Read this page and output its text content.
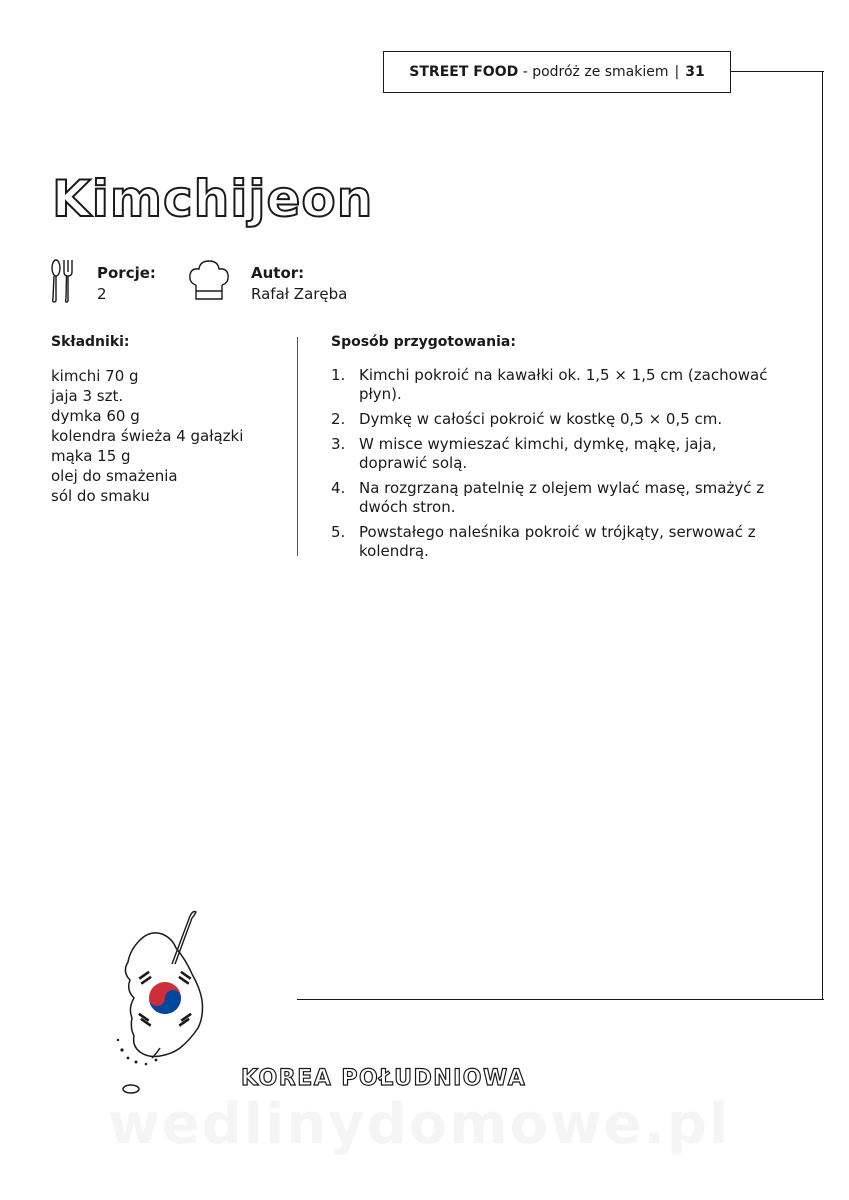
STREET FOOD
- podróż ze smakiem | 31
Kimchijeon
Porcje:
2
Autor:
Rafał Zaręba
Składniki:
kimchi 70 g
jaja 3 szt.
dymka 60 g
kolendra świeża 4 gałązki
mąka 15 g
olej do smażenia
sól do smaku
Sposób przygotowania:
1. Kimchi pokroić na kawałki ok. 1,5 × 1,5 cm (zachować płyn).
2. Dymkę w całości pokroić w kostkę 0,5 × 0,5 cm.
3. W misce wymieszać kimchi, dymkę, mąkę, jaja, doprawić solą.
4. Na rozgrzaną patelnię z olejem wylać masę, smażyć z dwóch stron.
5. Powstałego naleśnika pokroić w trójkąty, serwować z kolendrą.
KOREA POŁUDNIOWA
wedlinydomowe.pl
